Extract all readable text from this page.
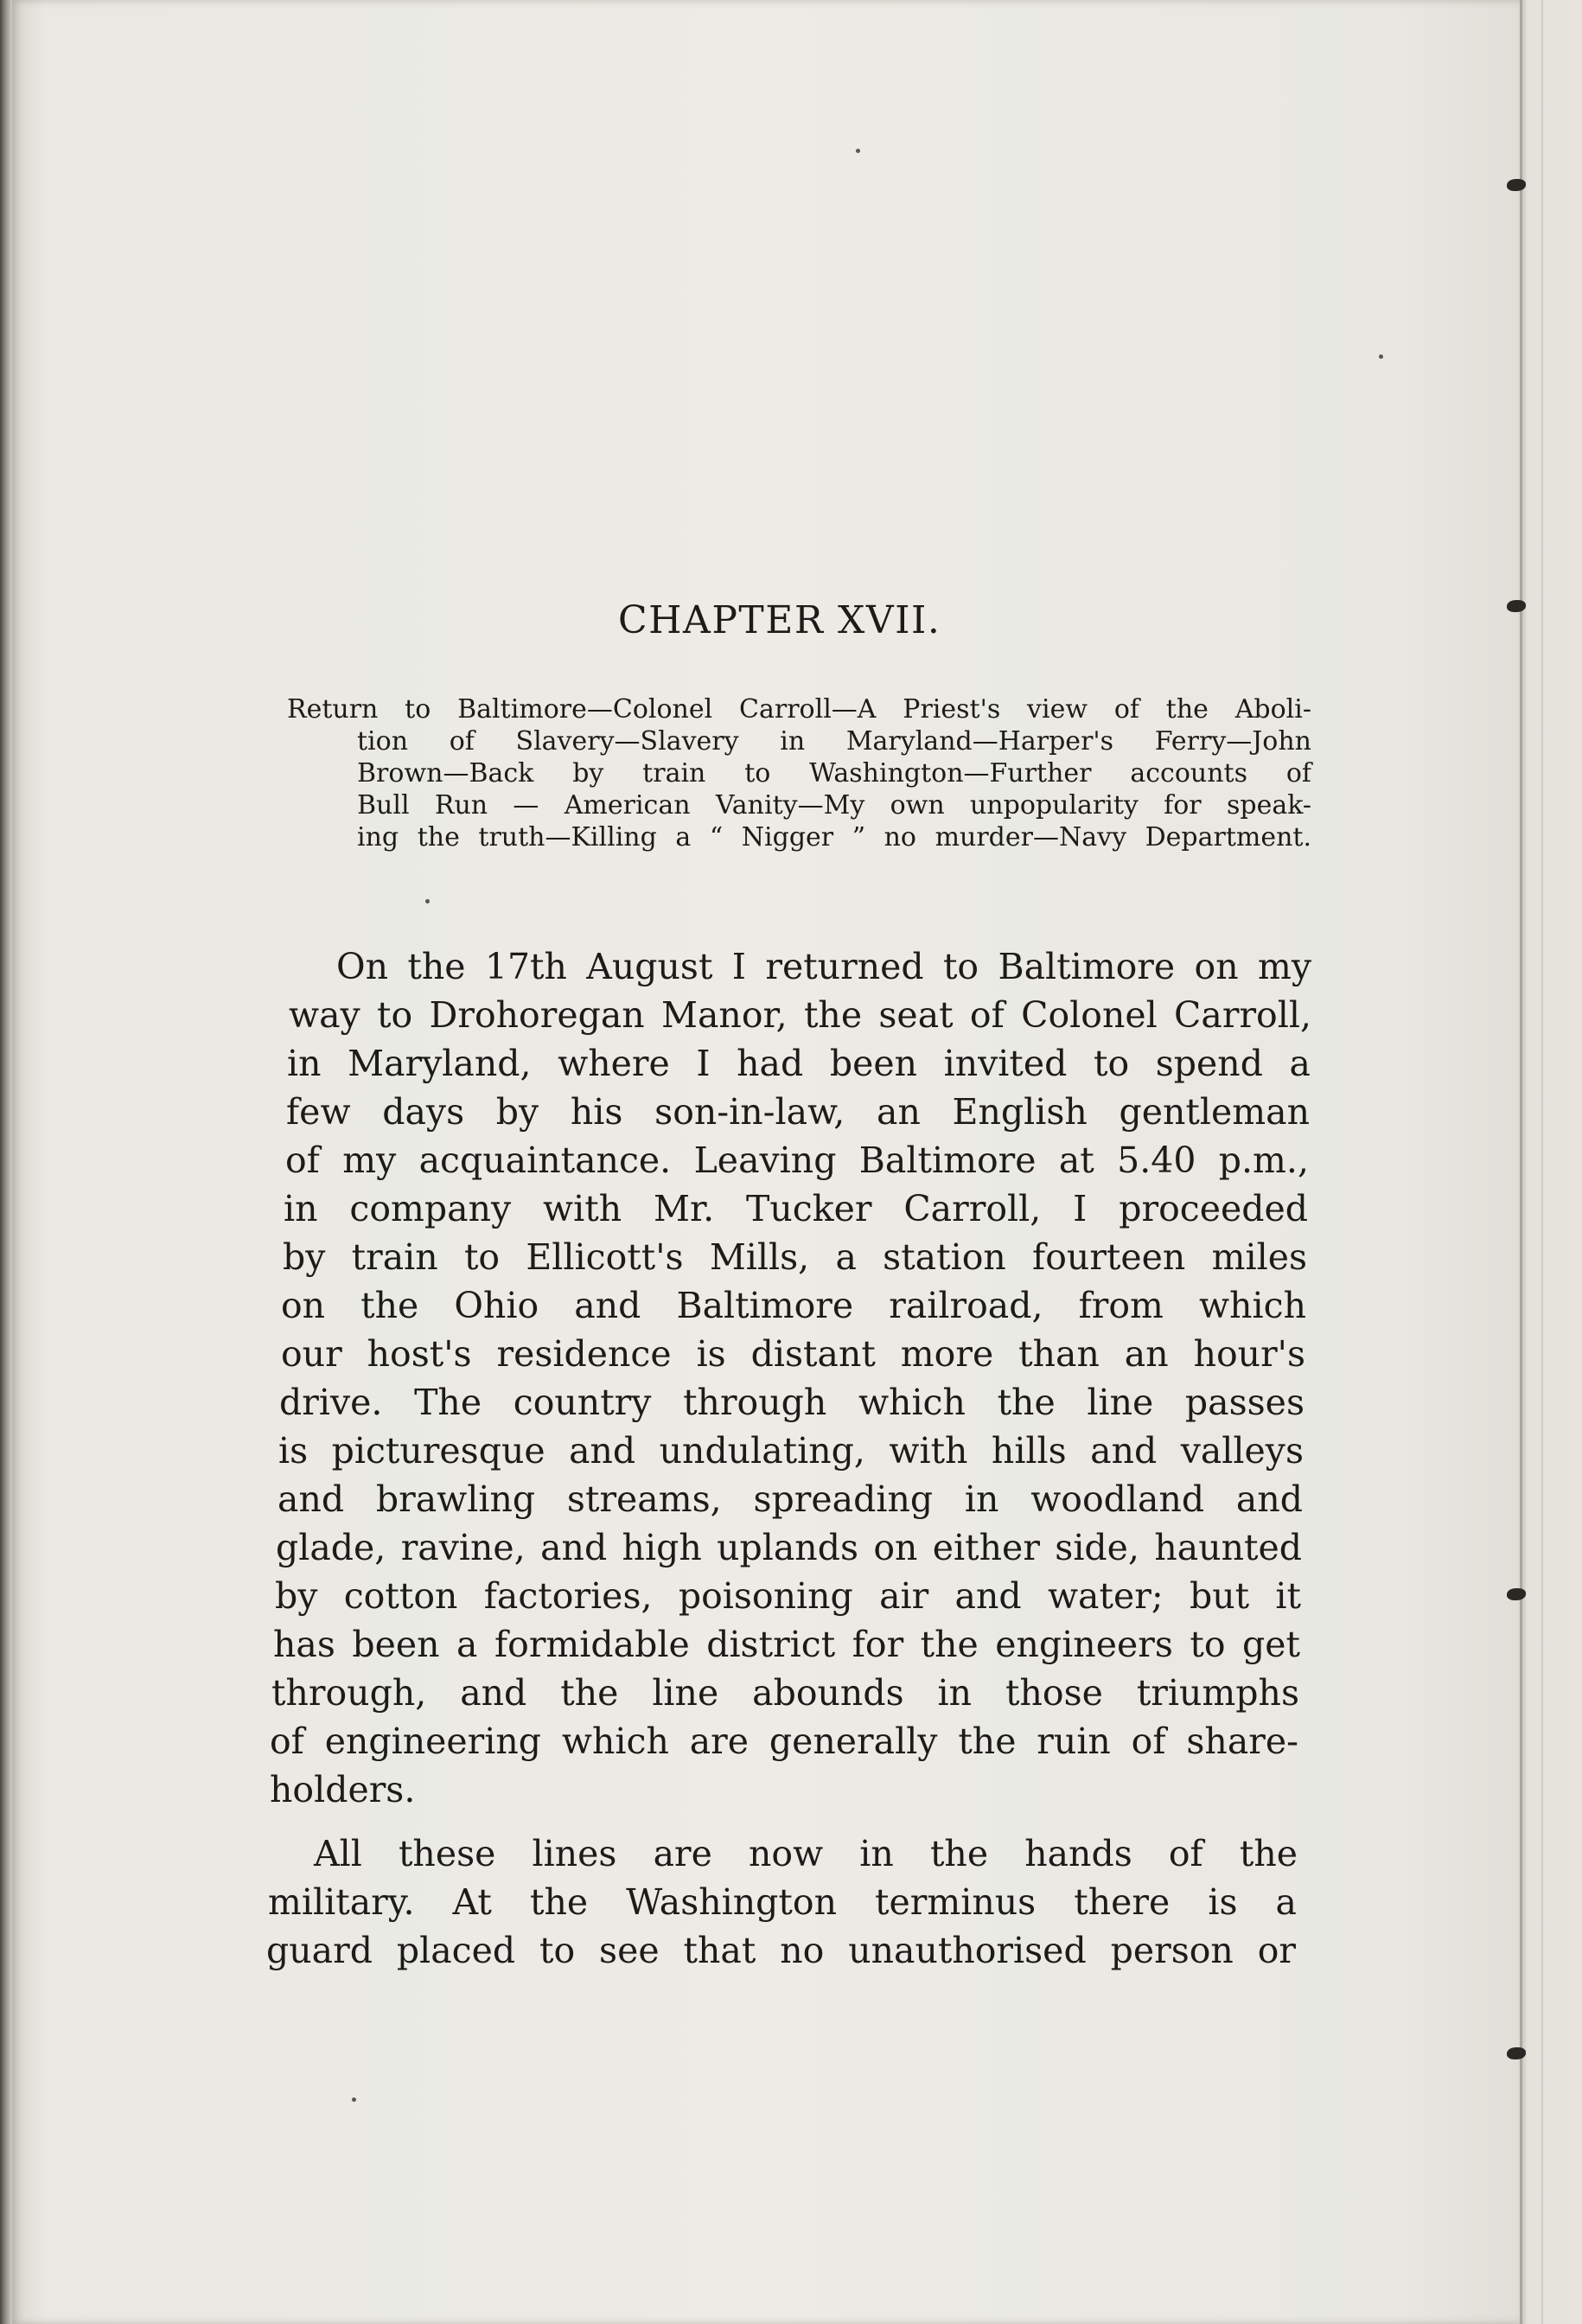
CHAPTER XVII.
Return to Baltimore—Colonel Carroll—A Priest's view of the Aboli-
tion of Slavery—Slavery in Maryland—Harper's Ferry—John
Brown—Back by train to Washington—Further accounts of
Bull Run — American Vanity—My own unpopularity for speak-
ing the truth—Killing a “ Nigger ” no murder—Navy Department.
On the 17th August I returned to Baltimore on my
way to Drohoregan Manor, the seat of Colonel Carroll,
in Maryland, where I had been invited to spend a
few days by his son-in-law, an English gentleman
of my acquaintance. Leaving Baltimore at 5.40 p.m.,
in company with Mr. Tucker Carroll, I proceeded
by train to Ellicott's Mills, a station fourteen miles
on the Ohio and Baltimore railroad, from which
our host's residence is distant more than an hour's
drive. The country through which the line passes
is picturesque and undulating, with hills and valleys
and brawling streams, spreading in woodland and
glade, ravine, and high uplands on either side, haunted
by cotton factories, poisoning air and water; but it
has been a formidable district for the engineers to get
through, and the line abounds in those triumphs
of engineering which are generally the ruin of share-
holders.
All these lines are now in the hands of the
military. At the Washington terminus there is a
guard placed to see that no unauthorised person or
